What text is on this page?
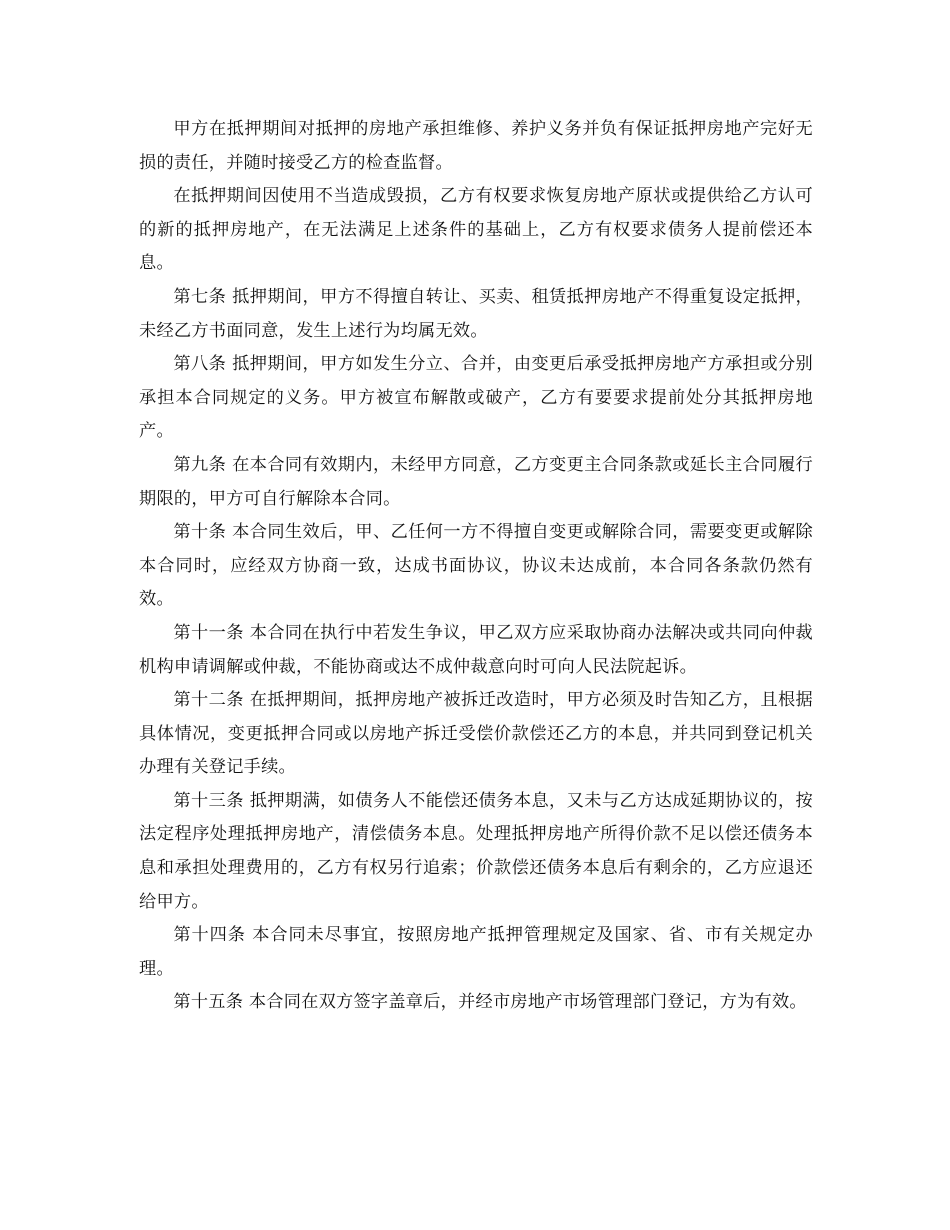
甲方在抵押期间对抵押的房地产承担维修、养护义务并负有保证抵押房地产完好无损的责任，并随时接受乙方的检查监督。

在抵押期间因使用不当造成毁损，乙方有权要求恢复房地产原状或提供给乙方认可的新的抵押房地产，在无法满足上述条件的基础上，乙方有权要求债务人提前偿还本息。

第七条 抵押期间，甲方不得擅自转让、买卖、租赁抵押房地产不得重复设定抵押，未经乙方书面同意，发生上述行为均属无效。

第八条 抵押期间，甲方如发生分立、合并，由变更后承受抵押房地产方承担或分别承担本合同规定的义务。甲方被宣布解散或破产，乙方有要要求提前处分其抵押房地产。

第九条 在本合同有效期内，未经甲方同意，乙方变更主合同条款或延长主合同履行期限的，甲方可自行解除本合同。

第十条 本合同生效后，甲、乙任何一方不得擅自变更或解除合同，需要变更或解除本合同时，应经双方协商一致，达成书面协议，协议未达成前，本合同各条款仍然有效。

第十一条 本合同在执行中若发生争议，甲乙双方应采取协商办法解决或共同向仲裁机构申请调解或仲裁，不能协商或达不成仲裁意向时可向人民法院起诉。

第十二条 在抵押期间，抵押房地产被拆迁改造时，甲方必须及时告知乙方，且根据具体情况，变更抵押合同或以房地产拆迁受偿价款偿还乙方的本息，并共同到登记机关办理有关登记手续。

第十三条 抵押期满，如债务人不能偿还债务本息，又未与乙方达成延期协议的，按法定程序处理抵押房地产，清偿债务本息。处理抵押房地产所得价款不足以偿还债务本息和承担处理费用的，乙方有权另行追索；价款偿还债务本息后有剩余的，乙方应退还给甲方。

第十四条 本合同未尽事宜，按照房地产抵押管理规定及国家、省、市有关规定办理。

第十五条 本合同在双方签字盖章后，并经市房地产市场管理部门登记，方为有效。
